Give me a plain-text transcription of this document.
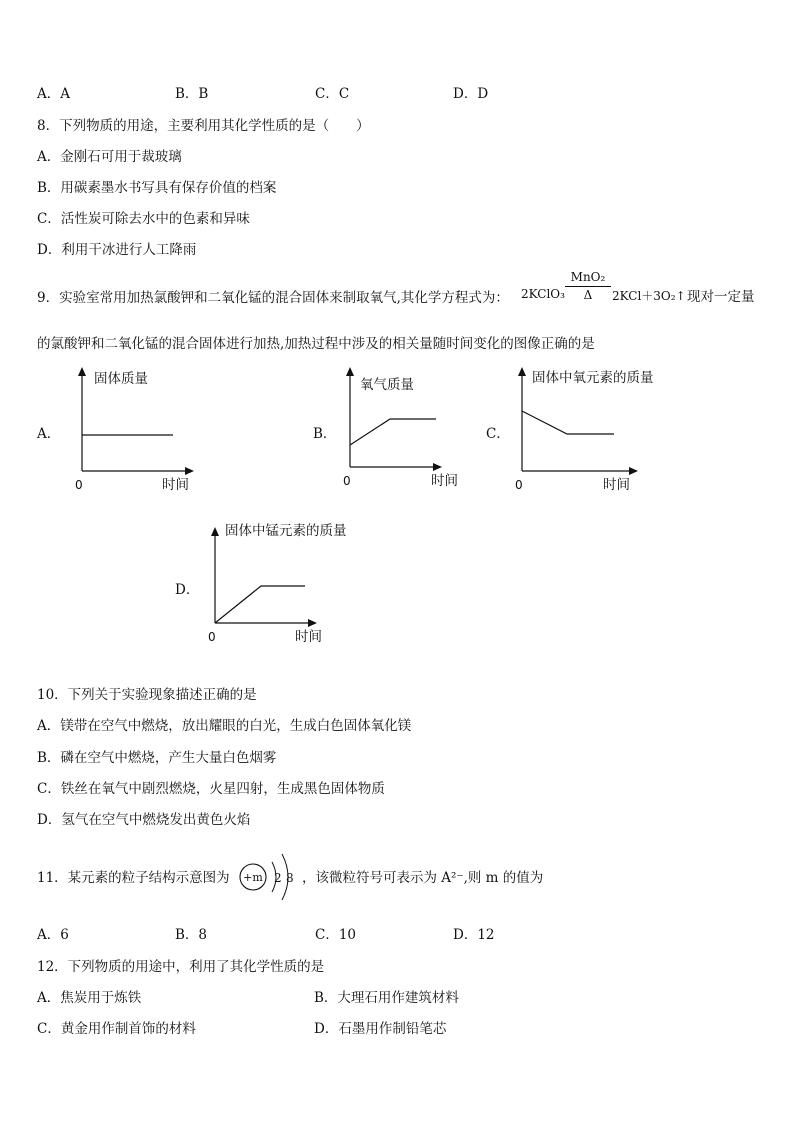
A．A	B．B	C．C	D．D
8．下列物质的用途，主要利用其化学性质的是（　　）
A．金刚石可用于裁玻璃
B．用碳素墨水书写具有保存价值的档案
C．活性炭可除去水中的色素和异味
D．利用干冰进行人工降雨
9．实验室常用加热氯酸钾和二氧化锰的混合固体来制取氧气,其化学方程式为： 2KClO₃
MnO₂
Δ	2KCl＋3O₂↑ 现对一定量
的氯酸钾和二氧化锰的混合固体进行加热,加热过程中涉及的相关量随时间变化的图像正确的是
A．
固体质量
时间
0
B．
氧气质量
时间
0
C．
固体中氧元素的质量
时间
0
D．
固体中锰元素的质量
时间
0
10．下列关于实验现象描述正确的是
A．镁带在空气中燃烧，放出耀眼的白光，生成白色固体氧化镁
B．磷在空气中燃烧，产生大量白色烟雾
C．铁丝在氧气中剧烈燃烧，火星四射，生成黑色固体物质
D．氢气在空气中燃烧发出黄色火焰
11．某元素的粒子结构示意图为 +m 2 8 ，该微粒符号可表示为 A²⁻,则 m 的值为
A．6	B．8	C．10	D．12
12．下列物质的用途中，利用了其化学性质的是
A．焦炭用于炼铁	B．大理石用作建筑材料
C．黄金用作制首饰的材料	D．石墨用作制铅笔芯
